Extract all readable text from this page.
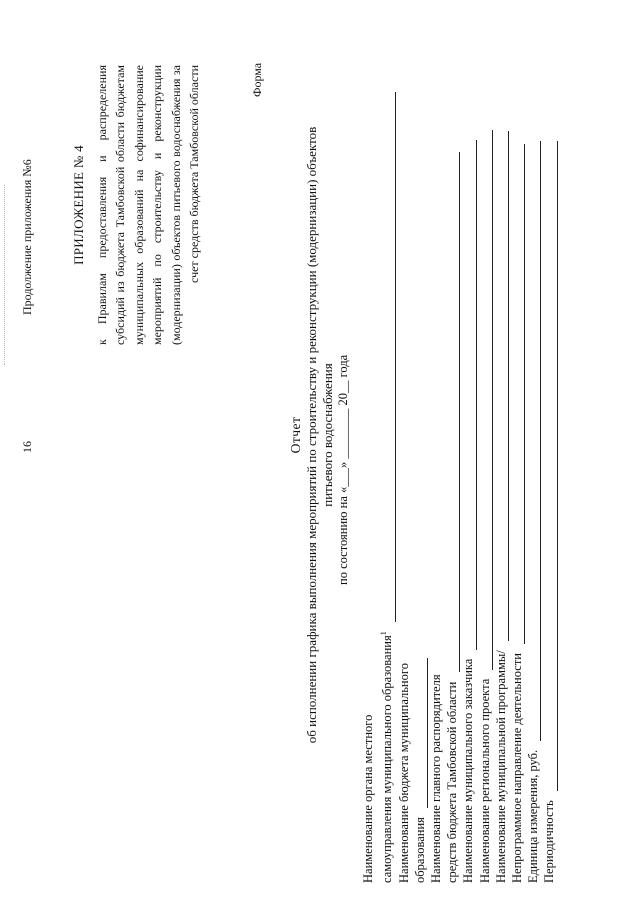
Продолжение приложения №6
16
ПРИЛОЖЕНИЕ № 4 к Правилам предоставления и распределения субсидий из бюджета Тамбовской области бюджетам муниципальных образований на софинансирование мероприятий по строительству и реконструкции (модернизации) объектов питьевого водоснабжения за счет средств бюджета Тамбовской области	Форма
Отчет об исполнении графика выполнения мероприятий по строительству и реконструкции (модернизации) объектов питьевого водоснабжения по состоянию на «___» ________ 20__ года
Наименование органа местного самоуправления муниципального образования$^1$
Наименование бюджета муниципального образования Наименование главного распорядителя средств бюджета Тамбовской области Наименование муниципального заказчика Наименование регионального проекта Наименование муниципальной программы/ Непрограммное направление деятельности Единица измерения, руб. Периодичность
